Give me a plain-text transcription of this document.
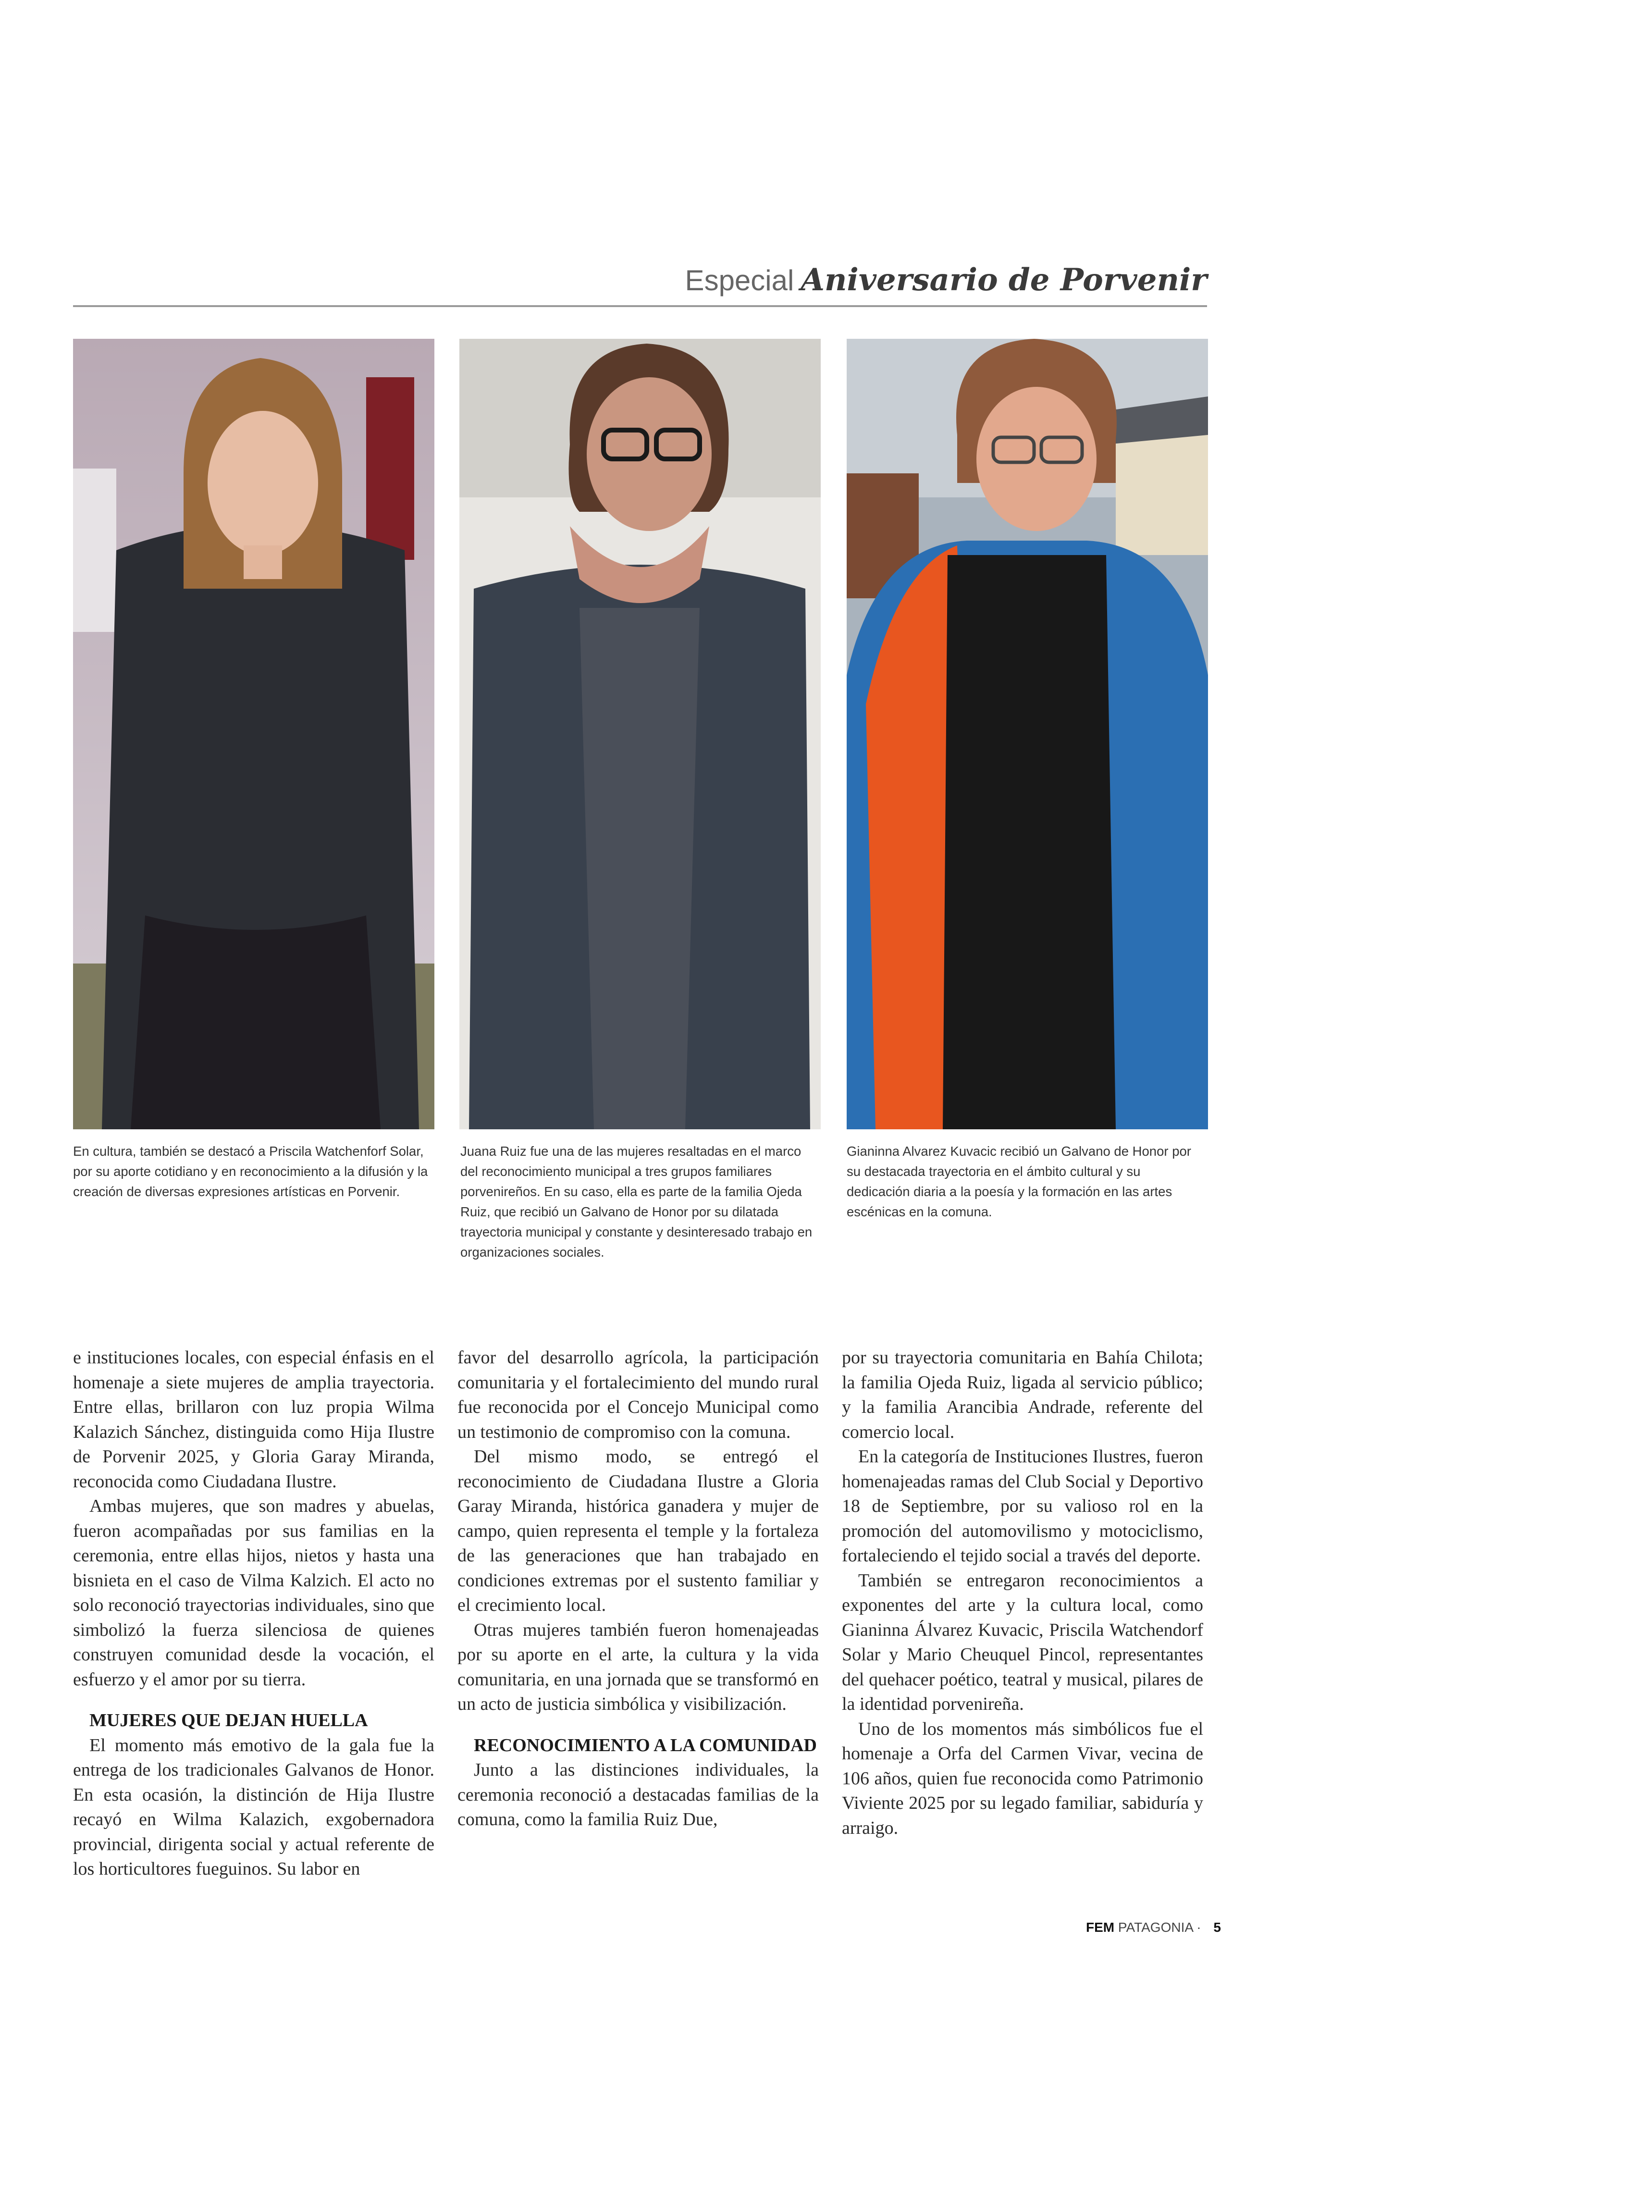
Especial Aniversario de Porvenir
En cultura, también se destacó a Priscila Watchenforf Solar, por su aporte cotidiano y en reconocimiento a la difusión y la creación de diversas expresiones artísticas en Porvenir.
Juana Ruiz fue una de las mujeres resaltadas en el marco del reconocimiento municipal a tres grupos familiares porvenireños. En su caso, ella es parte de la familia Ojeda Ruiz, que recibió un Galvano de Honor por su dilatada trayectoria municipal y constante y desinteresado trabajo en organizaciones sociales.
Gianinna Alvarez Kuvacic recibió un Galvano de Honor por su destacada trayectoria en el ámbito cultural y su dedicación diaria a la poesía y la formación en las artes escénicas en la comuna.

e instituciones locales, con especial énfasis en el homenaje a siete mujeres de amplia trayectoria. Entre ellas, brillaron con luz propia Wilma Kalazich Sánchez, distinguida como Hija Ilustre de Porvenir 2025, y Gloria Garay Miranda, reconocida como Ciudadana Ilustre.

Ambas mujeres, que son madres y abuelas, fueron acompañadas por sus familias en la ceremonia, entre ellas hijos, nietos y hasta una bisnieta en el caso de Vilma Kalzich. El acto no solo reconoció trayectorias individuales, sino que simbolizó la fuerza silenciosa de quienes construyen comunidad desde la vocación, el esfuerzo y el amor por su tierra.

MUJERES QUE DEJAN HUELLA

El momento más emotivo de la gala fue la entrega de los tradicionales Galvanos de Honor. En esta ocasión, la distinción de Hija Ilustre recayó en Wilma Kalazich, exgobernadora provincial, dirigenta social y actual referente de los horticultores fueguinos. Su labor en

favor del desarrollo agrícola, la participación comunitaria y el fortalecimiento del mundo rural fue reconocida por el Concejo Municipal como un testimonio de compromiso con la comuna.

Del mismo modo, se entregó el reconocimiento de Ciudadana Ilustre a Gloria Garay Miranda, histórica ganadera y mujer de campo, quien representa el temple y la fortaleza de las generaciones que han trabajado en condiciones extremas por el sustento familiar y el crecimiento local.

Otras mujeres también fueron homenajeadas por su aporte en el arte, la cultura y la vida comunitaria, en una jornada que se transformó en un acto de justicia simbólica y visibilización.

RECONOCIMIENTO A LA COMUNIDAD

Junto a las distinciones individuales, la ceremonia reconoció a destacadas familias de la comuna, como la familia Ruiz Due,

por su trayectoria comunitaria en Bahía Chilota; la familia Ojeda Ruiz, ligada al servicio público; y la familia Arancibia Andrade, referente del comercio local.

En la categoría de Instituciones Ilustres, fueron homenajeadas ramas del Club Social y Deportivo 18 de Septiembre, por su valioso rol en la promoción del automovilismo y motociclismo, fortaleciendo el tejido social a través del deporte.

También se entregaron reconocimientos a exponentes del arte y la cultura local, como Gianinna Álvarez Kuvacic, Priscila Watchendorf Solar y Mario Cheuquel Pincol, representantes del quehacer poético, teatral y musical, pilares de la identidad porvenireña.

Uno de los momentos más simbólicos fue el homenaje a Orfa del Carmen Vivar, vecina de 106 años, quien fue reconocida como Patrimonio Viviente 2025 por su legado familiar, sabiduría y arraigo.

FEM PATAGONIA · 5
